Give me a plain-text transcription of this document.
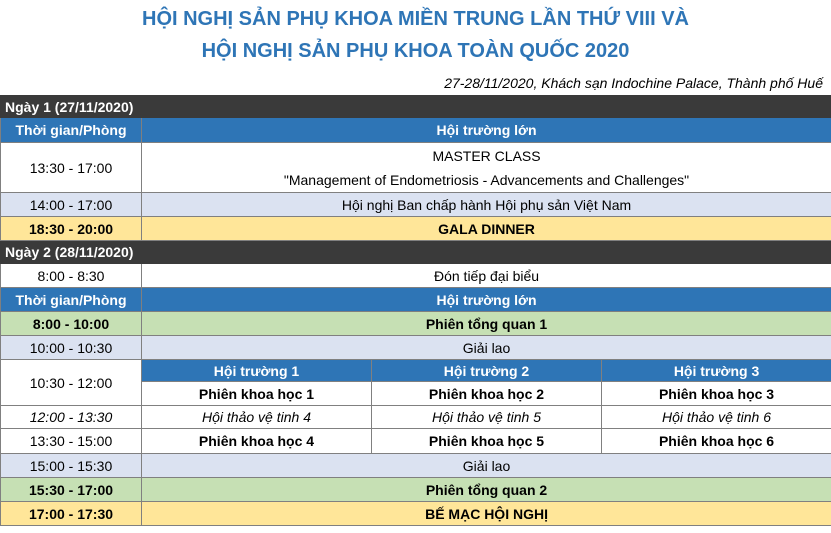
HỘI NGHỊ SẢN PHỤ KHOA MIỀN TRUNG LẦN THỨ VIII VÀ
HỘI NGHỊ SẢN PHỤ KHOA TOÀN QUỐC 2020
27-28/11/2020, Khách sạn Indochine Palace, Thành phố Huế
Ngày 1 (27/11/2020)			
Thời gian/Phòng	Hội trường lớn		
13:30 - 17:00	MASTER CLASS
"Management of Endometriosis - Advancements and Challenges"		

14:00 - 17:00	Hội nghị Ban chấp hành Hội phụ sản Việt Nam		
18:30 - 20:00	GALA DINNER		
Ngày 2 (28/11/2020)			
8:00 - 8:30	Đón tiếp đại biểu		
Thời gian/Phòng	Hội trường lớn		
8:00 - 10:00	Phiên tổng quan 1		
10:00 - 10:30	Giải lao		
10:30 - 12:00	Hội trường 1	Hội trường 2	Hội trường 3
	Phiên khoa học 1	Phiên khoa học 2	Phiên khoa học 3
12:00 - 13:30	Hội thảo vệ tinh 4	Hội thảo vệ tinh 5	Hội thảo vệ tinh 6
13:30 - 15:00	Phiên khoa học 4	Phiên khoa học 5	Phiên khoa học 6
15:00 - 15:30	Giải lao		
15:30 - 17:00	Phiên tổng quan 2		
17:00 - 17:30	BẾ MẠC HỘI NGHỊ		
